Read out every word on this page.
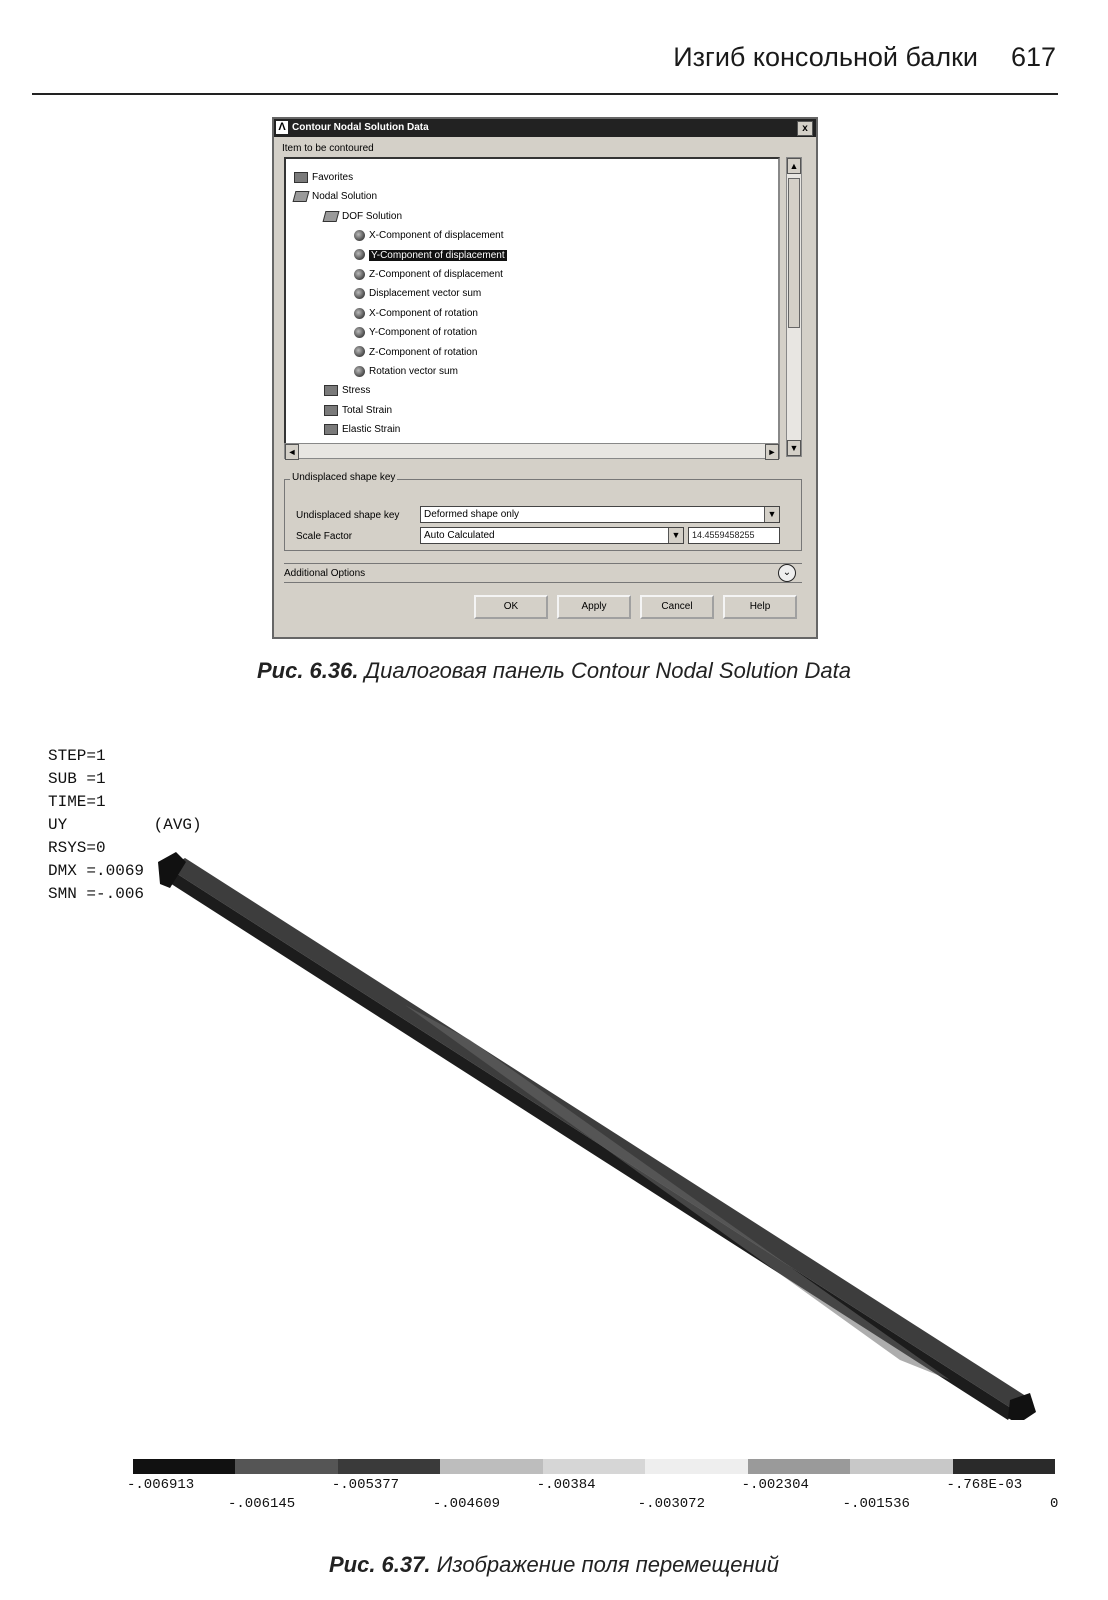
Изгиб консольной балки 617
Λ Contour Nodal Solution Data	x
Item to be contoured
Favorites
Nodal Solution
DOF Solution
X-Component of displacement
Y-Component of displacement
Z-Component of displacement
Displacement vector sum
X-Component of rotation
Y-Component of rotation
Z-Component of rotation
Rotation vector sum
Stress
Total Strain
Elastic Strain
▲
▼
◄	►
Undisplaced shape key
Undisplaced shape key	Deformed shape only	▼
Scale Factor	Auto Calculated	▼	14.4559458255
Additional Options	⌄
OK	Apply	Cancel	Help
Рис. 6.36. Диалоговая панель Contour Nodal Solution Data
STEP=1
SUB =1
TIME=1
UY         (AVG)
RSYS=0
DMX =.0069
SMN =-.006
-.006913	-.005377	-.00384	-.002304	-.768E-03
-.006145	-.004609	-.003072	-.001536	0
Рис. 6.37. Изображение поля перемещений
